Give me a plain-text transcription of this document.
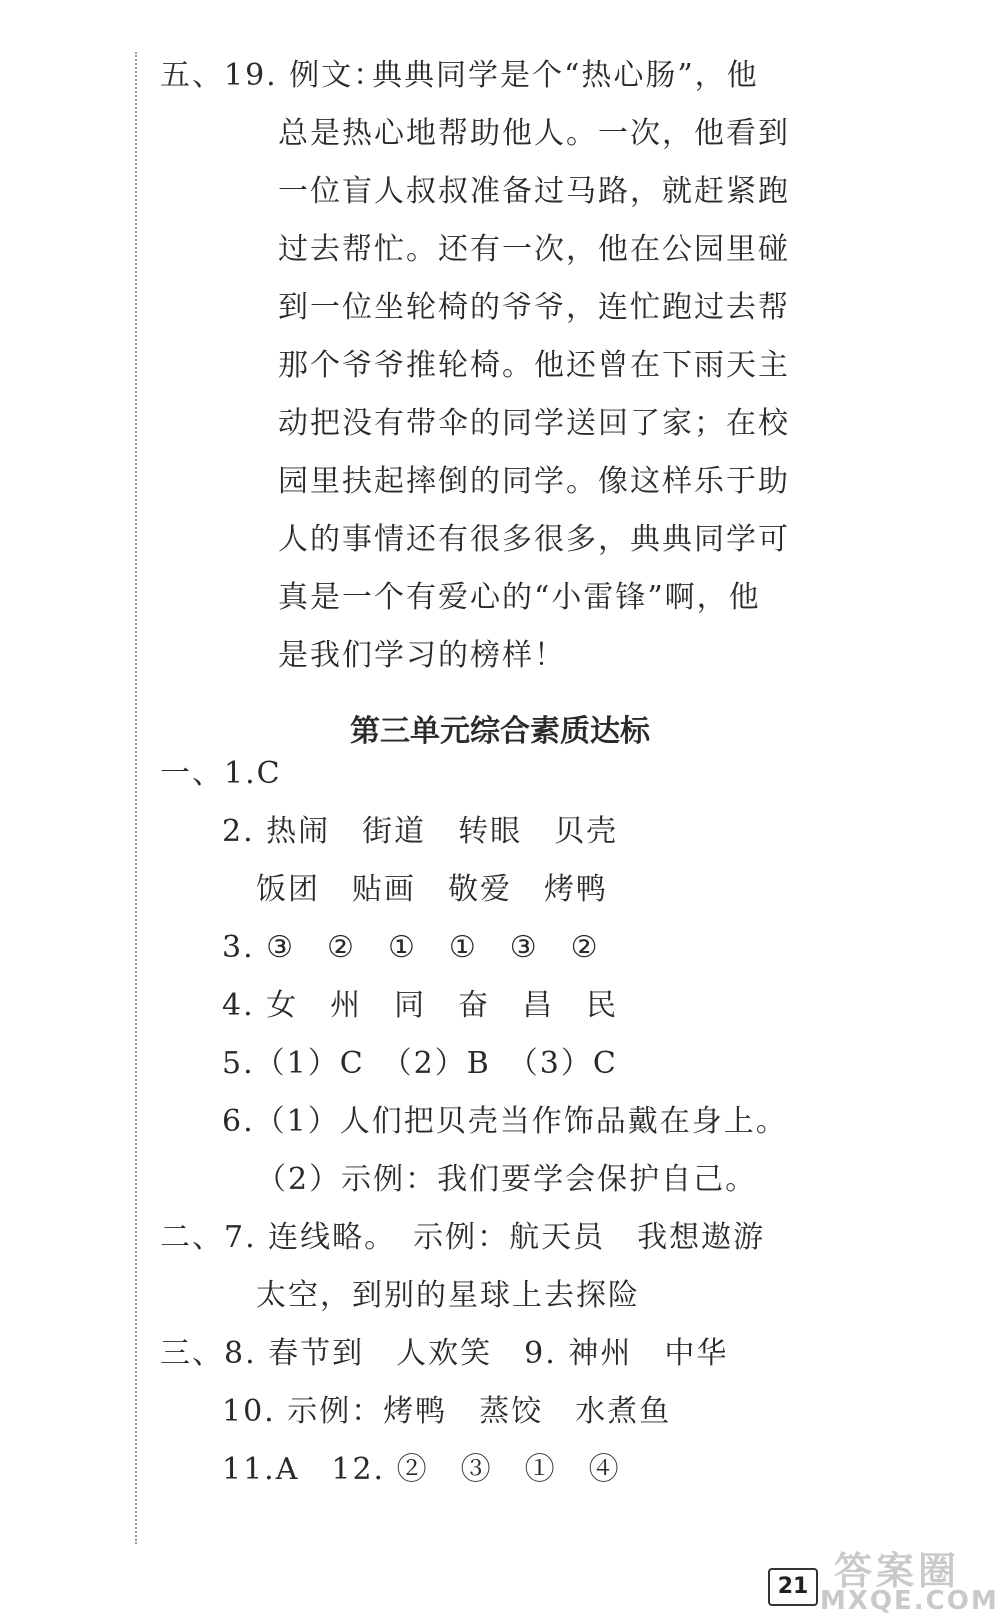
五、19. 例文：
典典同学是个“热心肠”，他
总是热心地帮助他人。一次，他看到
一位盲人叔叔准备过马路，就赶紧跑
过去帮忙。还有一次，他在公园里碰
到一位坐轮椅的爷爷，连忙跑过去帮
那个爷爷推轮椅。他还曾在下雨天主
动把没有带伞的同学送回了家；在校
园里扶起摔倒的同学。像这样乐于助
人的事情还有很多很多，典典同学可
真是一个有爱心的“小雷锋”啊，他
是我们学习的榜样！
第三单元综合素质达标
一、1.C
2. 热闹　街道　转眼　贝壳
饭团　贴画　敬爱　烤鸭
3. ③　②　①　①　③　②
4. 女　州　同　奋　昌　民
5.（1）C　（2）B　（3）C
6.（1）人们把贝壳当作饰品戴在身上。
（2）示例：我们要学会保护自己。
二、7. 连线略。　示例：航天员　我想遨游
太空，到别的星球上去探险
三、8. 春节到　人欢笑　9. 神州　中华
10. 示例：烤鸭　蒸饺　水煮鱼
11.A　12. ②　③　①　④
21 答案圈
MXQE.COM
